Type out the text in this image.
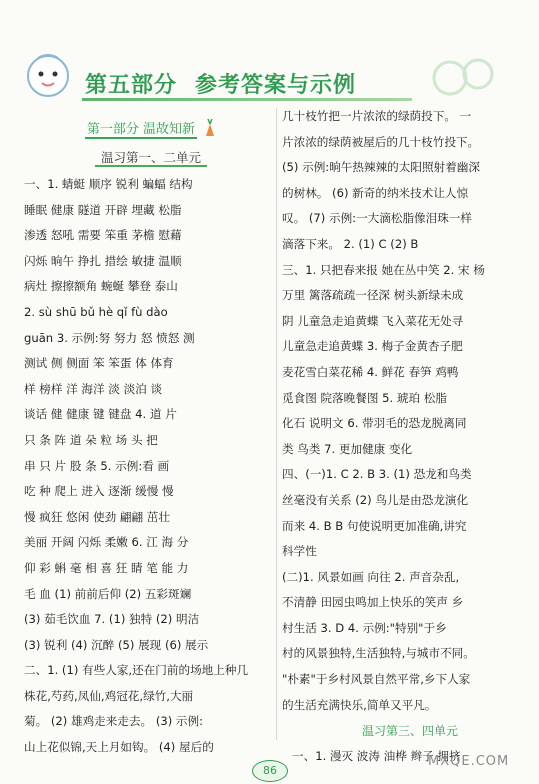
第五部分 参考答案与示例
第一部分 温故知新
温习第一、二单元
一、1. 蜻蜓 顺序 锐利 蝙蝠 结构
睡眠 健康 隧道 开辟 埋藏 松脂
渗透 怒吼 需要 笨重 茅檐 慰藉
闪烁 晌午 挣扎 措绘 敏捷 温顺
病灶 擦擦额角 蜿蜒 攀登 泰山
2. sù shū bǔ hè qǐ fù dào
guān 3. 示例:努 努力 怒 愤怒 测
测试 侧 侧面 笨 笨蛋 体 体育
样 榜样 洋 海洋 淡 淡泊 谈
谈话 健 健康 键 键盘 4. 道 片
只 条 阵 道 朵 粒 场 头 把
串 只 片 股 条 5. 示例:看 画
吃 种 爬上 进入 逐渐 缓慢 慢
慢 疯狂 悠闲 使劲 翩翩 茁壮
美丽 开阔 闪烁 柔嫩 6. 江 海 分
仰 彩 蝌 毫 相 喜 狂 睛 笔 能 力
毛 血 (1) 前前后仰 (2) 五彩斑斓
(3) 茹毛饮血 7. (1) 独特 (2) 明洁
(3) 锐利 (4) 沉醉 (5) 展现 (6) 展示
二、1. (1) 有些人家,还在门前的场地上种几
株花,芍药,凤仙,鸡冠花,绿竹,大丽
菊。 (2) 雄鸡走来走去。 (3) 示例:
山上花似锦,天上月如钩。 (4) 屋后的
几十枝竹把一片浓浓的绿荫投下。 一
片浓浓的绿荫被屋后的几十枝竹投下。
(5) 示例:晌午热辣辣的太阳照射着幽深
的树林。 (6) 新奇的纳米技术让人惊
叹。 (7) 示例:一大滴松脂像泪珠一样
滴落下来。 2. (1) C (2) B
三、1. 只把春来报 她在丛中笑 2. 宋 杨
万里 篱落疏疏一径深 树头新绿未成
阴 儿童急走追黄蝶 飞入菜花无处寻
儿童急走追黄蝶 3. 梅子金黄杏子肥
麦花雪白菜花稀 4. 鲜花 春笋 鸡鸭
觅食图 院落晚餐图 5. 琥珀 松脂
化石 说明文 6. 带羽毛的恐龙脱离同
类 鸟类 7. 更加健康 变化
四、(一)1. C 2. B 3. (1) 恐龙和鸟类
丝毫没有关系 (2) 鸟儿是由恐龙演化
而来 4. B B 句使说明更加准确,讲究
科学性
(二)1. 风景如画 向往 2. 声音杂乱,
不清静 田园虫鸣加上快乐的笑声 乡
村生活 3. D 4. 示例:"特别"于乡
村的风景独特,生活独特,与城市不同。
"朴素"于乡村风景自然平常,乡下人家
的生活充满快乐,简单又平凡。
温习第三、四单元
一、1. 漫灭 波涛 油桦 辫子 拥挤
86
MXQE.COM
